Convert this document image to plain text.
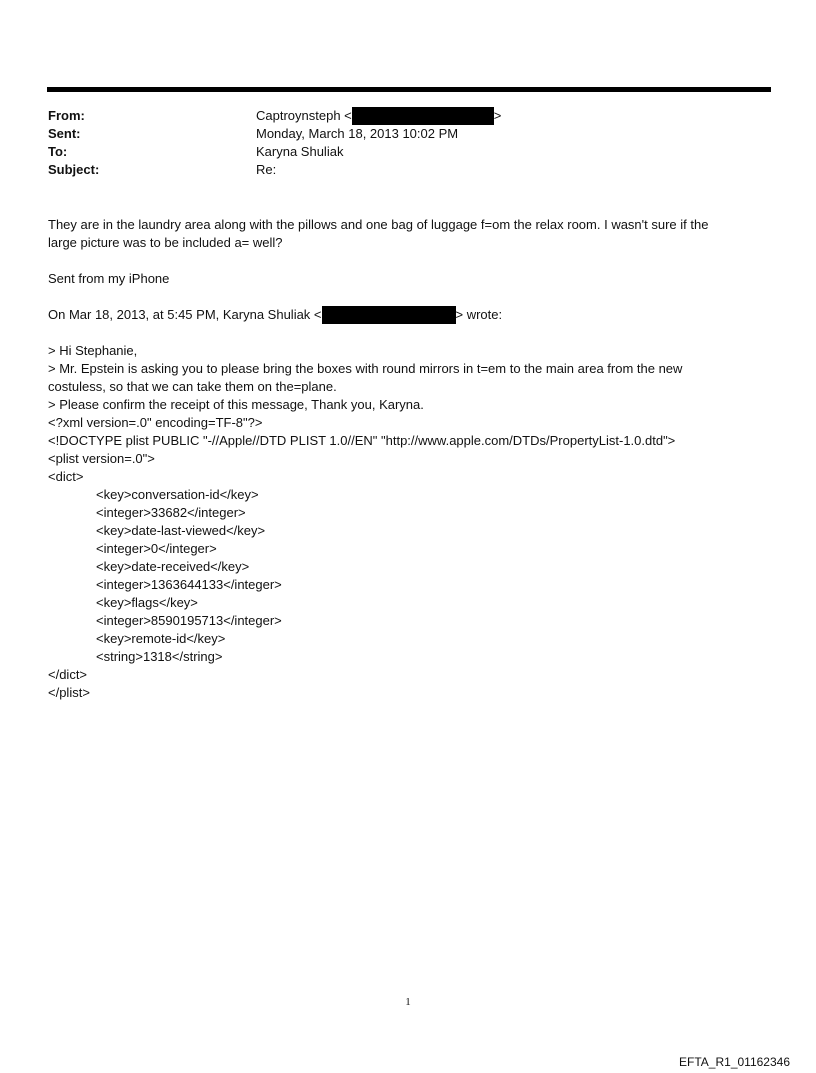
From:	Captroynsteph <	>
Sent:	Monday, March 18, 2013 10:02 PM
To:	Karyna Shuliak
Subject:	Re:

They are in the laundry area along with the pillows and one bag of luggage f=om the relax room. I wasn't sure if the large picture was to be included a= well?

Sent from my iPhone

On Mar 18, 2013, at 5:45 PM, Karyna Shuliak <	> wrote:
> Hi Stephanie,
> Mr. Epstein is asking you to please bring the boxes with round mirrors in t=em to the main area from the new costuless, so that we can take them on the=plane.
> Please confirm the receipt of this message, Thank you, Karyna.
<?xml version=.0" encoding=TF-8"?>
<!DOCTYPE plist PUBLIC "-//Apple//DTD PLIST 1.0//EN" "http://www.apple.com/DTDs/PropertyList-1.0.dtd">
<plist version=.0">
<dict>
<key>conversation-id</key>
<integer>33682</integer>
<key>date-last-viewed</key>
<integer>0</integer>
<key>date-received</key>
<integer>1363644133</integer>
<key>flags</key>
<integer>8590195713</integer>
<key>remote-id</key>
<string>1318</string>
</dict>
</plist>
1
EFTA_R1_01162346
